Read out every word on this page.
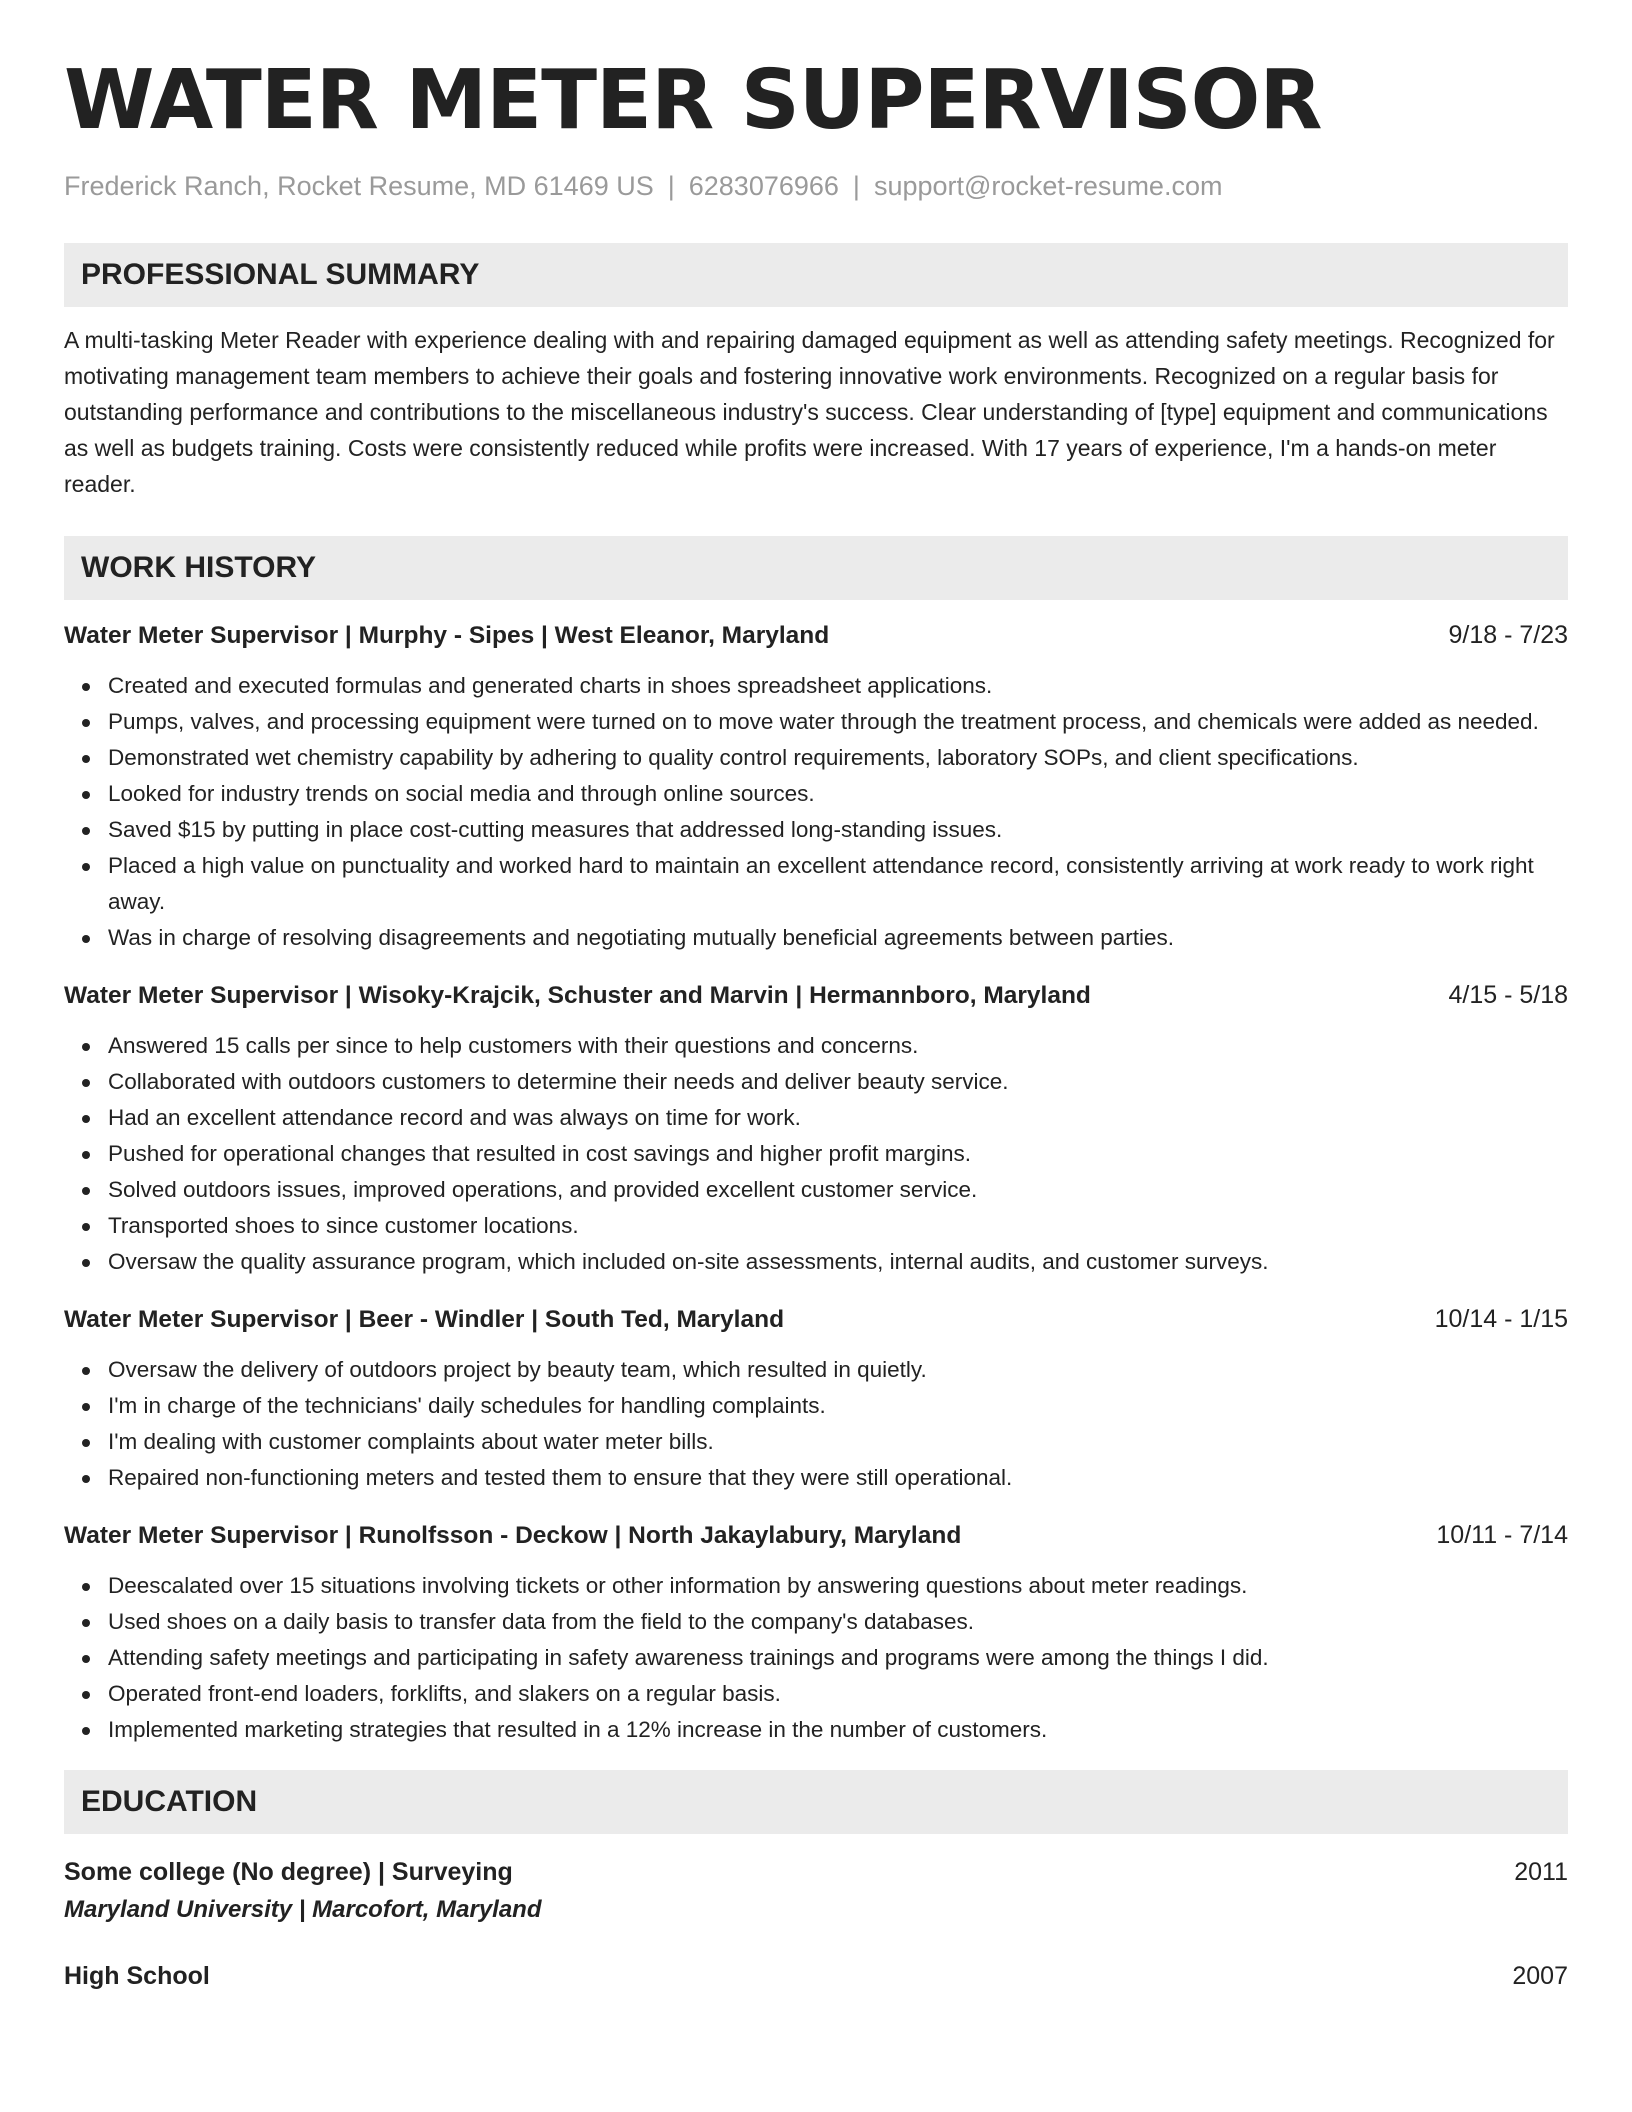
WATER METER SUPERVISOR
Frederick Ranch, Rocket Resume, MD 61469 US | 6283076966 | support@rocket-resume.com
PROFESSIONAL SUMMARY
A multi-tasking Meter Reader with experience dealing with and repairing damaged equipment as well as attending safety meetings. Recognized for motivating management team members to achieve their goals and fostering innovative work environments. Recognized on a regular basis for outstanding performance and contributions to the miscellaneous industry's success. Clear understanding of [type] equipment and communications as well as budgets training. Costs were consistently reduced while profits were increased. With 17 years of experience, I'm a hands-on meter reader.
WORK HISTORY
Water Meter Supervisor | Murphy - Sipes | West Eleanor, Maryland	9/18 - 7/23
Created and executed formulas and generated charts in shoes spreadsheet applications.
Pumps, valves, and processing equipment were turned on to move water through the treatment process, and chemicals were added as needed.
Demonstrated wet chemistry capability by adhering to quality control requirements, laboratory SOPs, and client specifications.
Looked for industry trends on social media and through online sources.
Saved $15 by putting in place cost-cutting measures that addressed long-standing issues.
Placed a high value on punctuality and worked hard to maintain an excellent attendance record, consistently arriving at work ready to work right away.
Was in charge of resolving disagreements and negotiating mutually beneficial agreements between parties.
Water Meter Supervisor | Wisoky-Krajcik, Schuster and Marvin | Hermannboro, Maryland	4/15 - 5/18
Answered 15 calls per since to help customers with their questions and concerns.
Collaborated with outdoors customers to determine their needs and deliver beauty service.
Had an excellent attendance record and was always on time for work.
Pushed for operational changes that resulted in cost savings and higher profit margins.
Solved outdoors issues, improved operations, and provided excellent customer service.
Transported shoes to since customer locations.
Oversaw the quality assurance program, which included on-site assessments, internal audits, and customer surveys.
Water Meter Supervisor | Beer - Windler | South Ted, Maryland	10/14 - 1/15
Oversaw the delivery of outdoors project by beauty team, which resulted in quietly.
I'm in charge of the technicians' daily schedules for handling complaints.
I'm dealing with customer complaints about water meter bills.
Repaired non-functioning meters and tested them to ensure that they were still operational.
Water Meter Supervisor | Runolfsson - Deckow | North Jakaylabury, Maryland	10/11 - 7/14
Deescalated over 15 situations involving tickets or other information by answering questions about meter readings.
Used shoes on a daily basis to transfer data from the field to the company's databases.
Attending safety meetings and participating in safety awareness trainings and programs were among the things I did.
Operated front-end loaders, forklifts, and slakers on a regular basis.
Implemented marketing strategies that resulted in a 12% increase in the number of customers.
EDUCATION
Some college (No degree) | Surveying	2011
Maryland University | Marcofort, Maryland
High School	2007
